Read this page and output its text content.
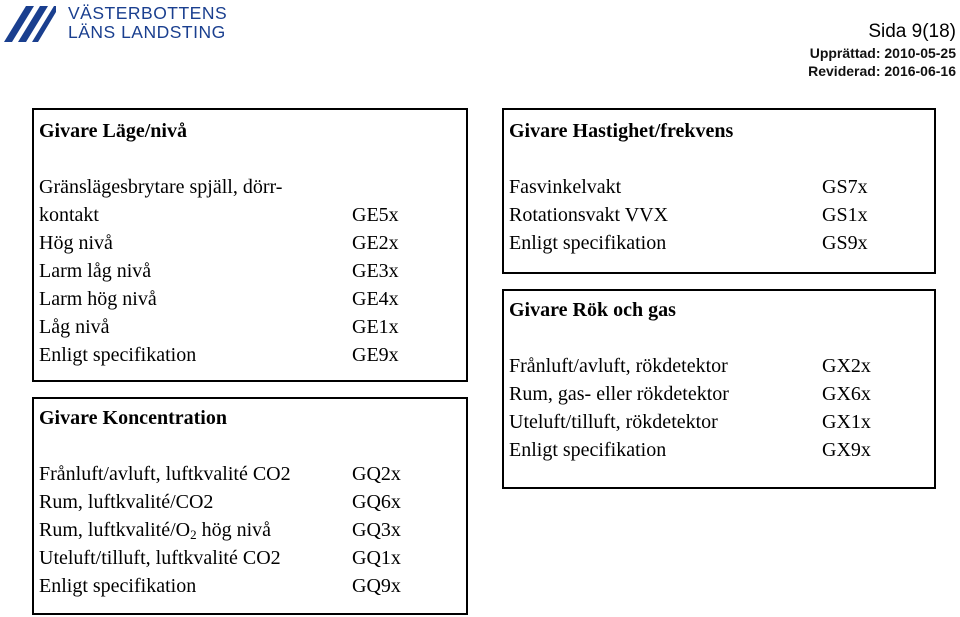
VÄSTERBOTTENS
LÄNS LANDSTING	Sida 9(18)
Upprättad: 2010-05-25
Reviderad: 2016-06-16
Givare Läge/nivå
Gränslägesbrytare spjäll, dörr-
kontakt	GE5x
Hög nivå	GE2x
Larm låg nivå	GE3x
Larm hög nivå	GE4x
Låg nivå	GE1x
Enligt specifikation	GE9x
Givare Koncentration
Frånluft/avluft, luftkvalité CO2	GQ2x
Rum, luftkvalité/CO2	GQ6x
Rum, luftkvalité/$O_2$ hög nivå	GQ3x
Uteluft/tilluft, luftkvalité CO2	GQ1x
Enligt specifikation	GQ9x
Givare Hastighet/frekvens
Fasvinkelvakt	GS7x
Rotationsvakt VVX	GS1x
Enligt specifikation	GS9x
Givare Rök och gas
Frånluft/avluft, rökdetektor	GX2x
Rum, gas- eller rökdetektor	GX6x
Uteluft/tilluft, rökdetektor	GX1x
Enligt specifikation	GX9x
